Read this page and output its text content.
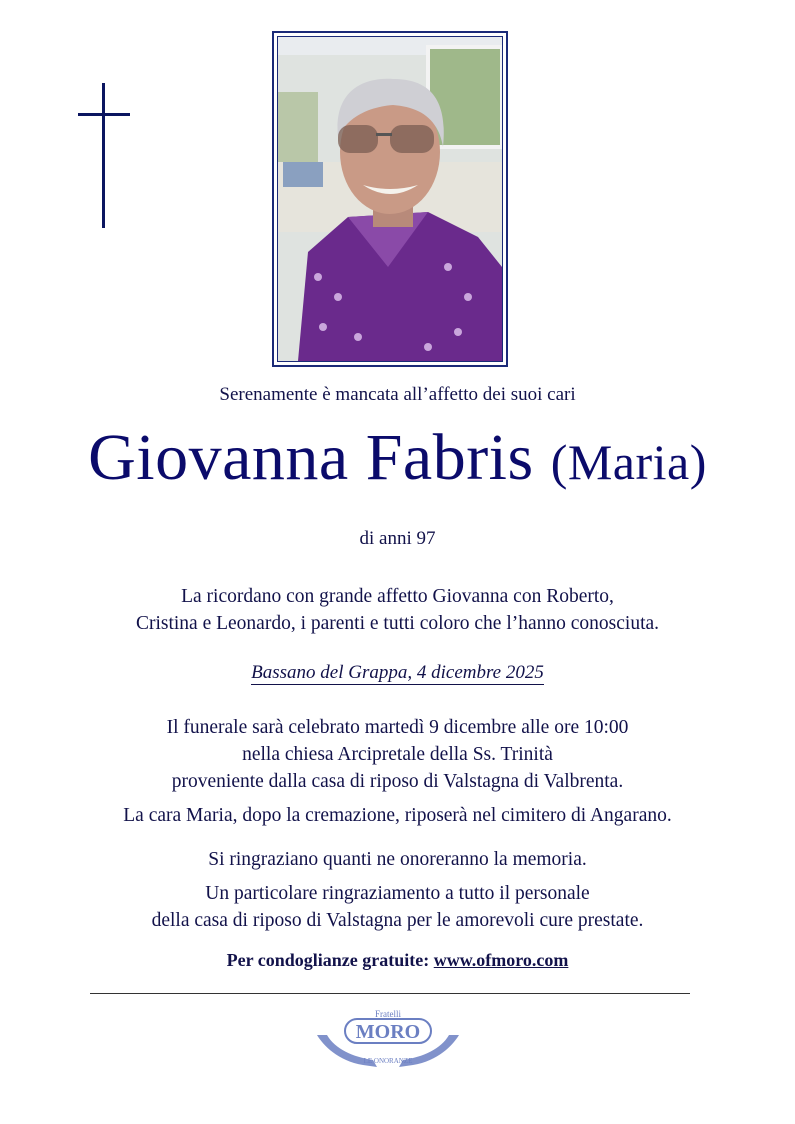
Serenamente è mancata all’affetto dei suoi cari
Giovanna Fabris (Maria)
di anni 97
La ricordano con grande affetto Giovanna con Roberto,
Cristina e Leonardo, i parenti e tutti coloro che l’hanno conosciuta.
Bassano del Grappa, 4 dicembre 2025
Il funerale sarà celebrato martedì 9 dicembre alle ore 10:00
nella chiesa Arcipretale della Ss. Trinità
proveniente dalla casa di riposo di Valstagna di Valbrenta.
La cara Maria, dopo la cremazione, riposerà nel cimitero di Angarano.
Si ringraziano quanti ne onoreranno la memoria.
Un particolare ringraziamento a tutto il personale
della casa di riposo di Valstagna per le amorevoli cure prestate.
Per condoglianze gratuite: www.ofmoro.com
Fratelli
MORO
LE ONORANZE
